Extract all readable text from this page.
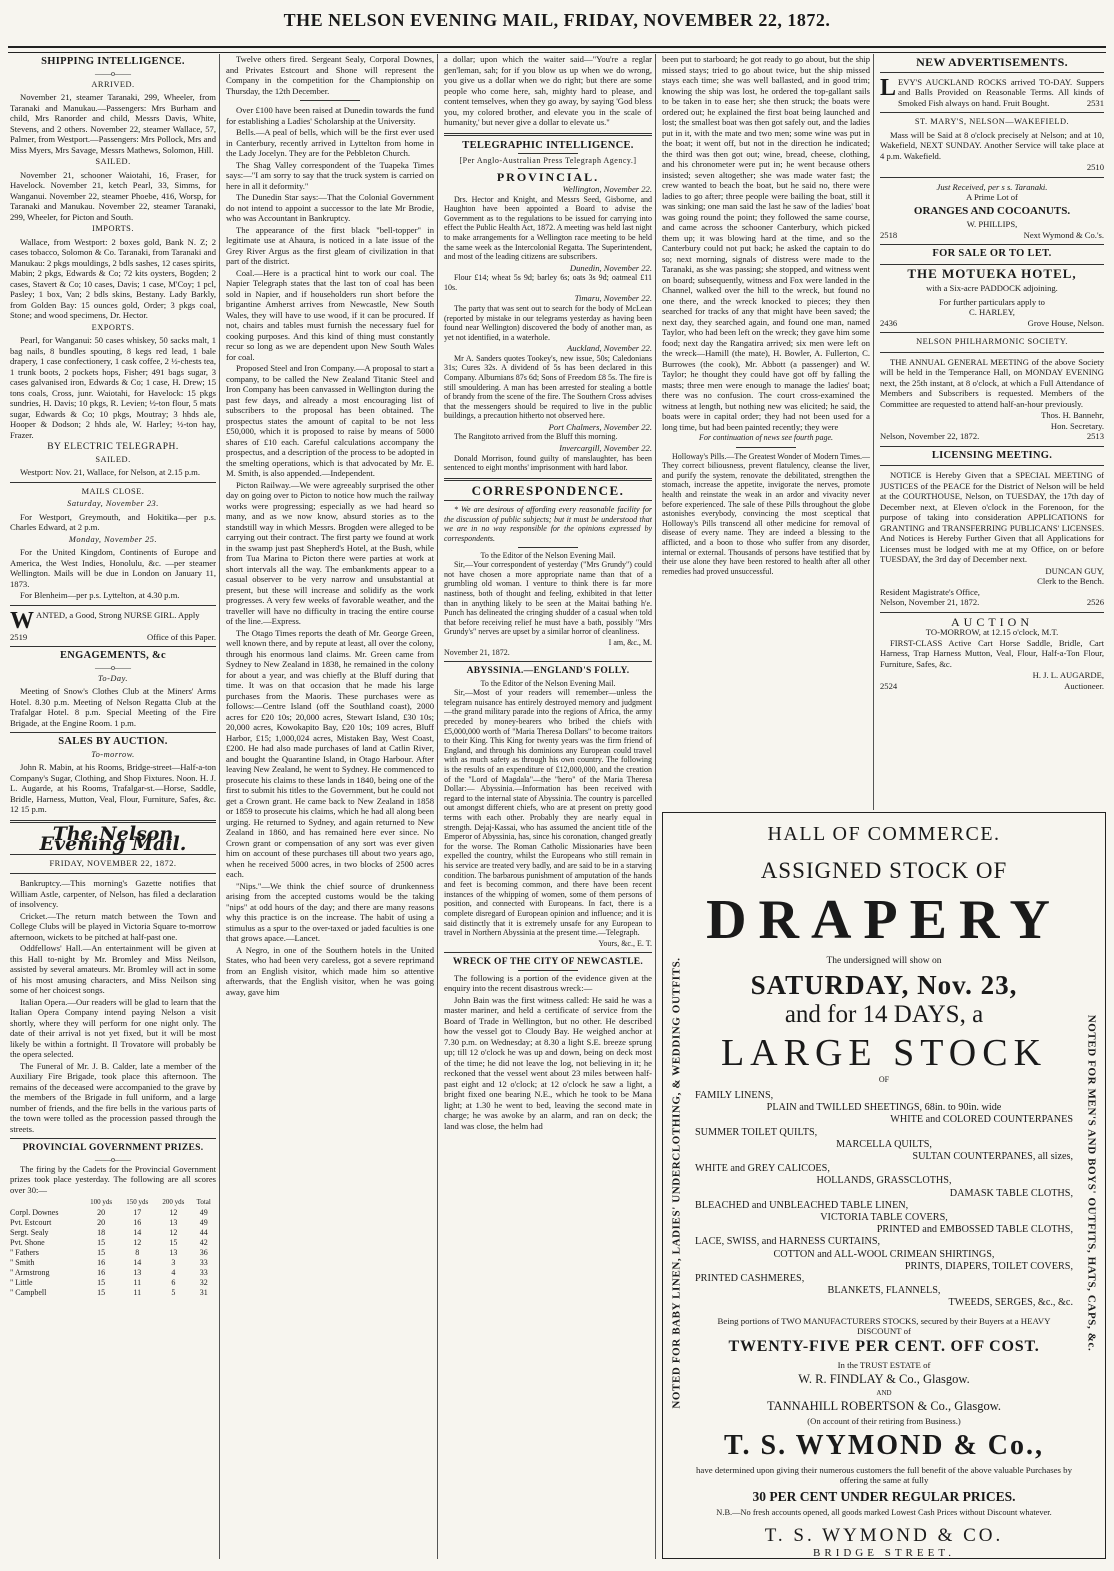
THE NELSON EVENING MAIL, FRIDAY, NOVEMBER 22, 1872.
SHIPPING INTELLIGENCE.
——o——
ARRIVED.

November 21, steamer Taranaki, 299, Wheeler, from Taranaki and Manukau.—Passengers: Mrs Burham and child, Mrs Ranorder and child, Messrs Davis, White, Stevens, and 2 others. November 22, steamer Wallace, 57, Palmer, from Westport.—Passengers: Mrs Pollock, Mrs and Miss Myers, Mrs Savage, Messrs Mathews, Solomon, Hill.

SAILED.

November 21, schooner Waiotahi, 16, Fraser, for Havelock. November 21, ketch Pearl, 33, Simms, for Wanganui. November 22, steamer Phoebe, 416, Worsp, for Taranaki and Manukau. November 22, steamer Taranaki, 299, Wheeler, for Picton and South.

IMPORTS.

Wallace, from Westport: 2 boxes gold, Bank N. Z; 2 cases tobacco, Solomon & Co. Taranaki, from Taranaki and Manukau: 2 pkgs mouldings, 2 bdls sashes, 12 cases spirits, Mabin; 2 pkgs, Edwards & Co; 72 kits oysters, Bogden; 2 cases, Stavert & Co; 10 cases, Davis; 1 case, M'Coy; 1 pcl, Pasley; 1 box, Van; 2 bdls skins, Bestany. Lady Barkly, from Golden Bay: 15 ounces gold, Order; 3 pkgs coal, Stone; and wood specimens, Dr. Hector.

EXPORTS.

Pearl, for Wanganui: 50 cases whiskey, 50 sacks malt, 1 bag nails, 8 bundles spouting, 8 kegs red lead, 1 bale drapery, 1 case confectionery, 1 cask coffee, 2 ½-chests tea, 1 trunk boots, 2 pockets hops, Fisher; 491 bags sugar, 3 cases galvanised iron, Edwards & Co; 1 case, H. Drew; 15 tons coals, Cross, junr. Waiotahi, for Havelock: 15 pkgs sundries, H. Davis; 10 pkgs, R. Levien; ½-ton flour, 5 mats sugar, Edwards & Co; 10 pkgs, Moutray; 3 hhds ale, Hooper & Dodson; 2 hhds ale, W. Harley; ½-ton hay, Frazer.

BY ELECTRIC TELEGRAPH.
SAILED.

Westport: Nov. 21, Wallace, for Nelson, at 2.15 p.m.

MAILS CLOSE.
Saturday, November 23.

For Westport, Greymouth, and Hokitika—per p.s. Charles Edward, at 2 p.m.

Monday, November 25.

For the United Kingdom, Continents of Europe and America, the West Indies, Honolulu, &c. —per steamer Wellington. Mails will be due in London on January 11, 1873.

For Blenheim—per p.s. Lyttelton, at 4.30 p.m.

W ANTED, a Good, Strong NURSE GIRL. Apply
2519	Office of this Paper.
ENGAGEMENTS, &c
——o——
To-Day.

Meeting of Snow's Clothes Club at the Miners' Arms Hotel. 8.30 p.m. Meeting of Nelson Regatta Club at the Trafalgar Hotel. 8 p.m. Special Meeting of the Fire Brigade, at the Engine Room. 1 p.m.

SALES BY AUCTION.
To-morrow.

John R. Mabin, at his Rooms, Bridge-street—Half-a-ton Company's Sugar, Clothing, and Shop Fixtures. Noon. H. J. L. Augarde, at his Rooms, Trafalgar-st.—Horse, Saddle, Bridle, Harness, Mutton, Veal, Flour, Furniture, Safes, &c. 12 15 p.m.

The Nelson Evening Mail.
FRIDAY, NOVEMBER 22, 1872.

Bankruptcy.—This morning's Gazette notifies that William Astle, carpenter, of Nelson, has filed a declaration of insolvency.

Cricket.—The return match between the Town and College Clubs will be played in Victoria Square to-morrow afternoon, wickets to be pitched at half-past one.

Oddfellows' Hall.—An entertainment will be given at this Hall to-night by Mr. Bromley and Miss Neilson, assisted by several amateurs. Mr. Bromley will act in some of his most amusing characters, and Miss Neilson sing some of her choicest songs.

Italian Opera.—Our readers will be glad to learn that the Italian Opera Company intend paying Nelson a visit shortly, where they will perform for one night only. The date of their arrival is not yet fixed, but it will be most likely be within a fortnight. Il Trovatore will probably be the opera selected.

The Funeral of Mr. J. B. Calder, late a member of the Auxiliary Fire Brigade, took place this afternoon. The remains of the deceased were accompanied to the grave by the members of the Brigade in full uniform, and a large number of friends, and the fire bells in the various parts of the town were tolled as the procession passed through the streets.

PROVINCIAL GOVERNMENT PRIZES.
——o——

The firing by the Cadets for the Provincial Government prizes took place yesterday. The following are all scores over 30:—

	100 yds	150 yds	200 yds	Total
Corpl. Downes	20	17	12	49
Pvt. Estcourt	20	16	13	49
Sergt. Sealy	18	14	12	44
Pvt. Shone	15	12	15	42
" Fathers	15	8	13	36
" Smith	16	14	3	33
" Armstrong	16	13	4	33
" Little	15	11	6	32
" Campbell	15	11	5	31

Twelve others fired. Sergeant Sealy, Corporal Downes, and Privates Estcourt and Shone will represent the Company in the competition for the Championship on Thursday, the 12th December.

Over £100 have been raised at Dunedin towards the fund for establishing a Ladies' Scholarship at the University.

Bells.—A peal of bells, which will be the first ever used in Canterbury, recently arrived in Lyttelton from home in the Lady Jocelyn. They are for the Pebbleton Church.

The Shag Valley correspondent of the Tuapeka Times says:—"I am sorry to say that the truck system is carried on here in all it deformity."

The Dunedin Star says:—That the Colonial Government do not intend to appoint a successor to the late Mr Brodie, who was Accountant in Bankruptcy.

The appearance of the first black "bell-topper" in legitimate use at Ahaura, is noticed in a late issue of the Grey River Argus as the first gleam of civilization in that part of the district.

Coal.—Here is a practical hint to work our coal. The Napier Telegraph states that the last ton of coal has been sold in Napier, and if householders run short before the brigantine Amherst arrives from Newcastle, New South Wales, they will have to use wood, if it can be procured. If not, chairs and tables must furnish the necessary fuel for cooking purposes. And this kind of thing must constantly recur so long as we are dependent upon New South Wales for coal.

Proposed Steel and Iron Company.—A proposal to start a company, to be called the New Zealand Titanic Steel and Iron Company has been canvassed in Wellington during the past few days, and already a most encouraging list of subscribers to the proposal has been obtained. The prospectus states the amount of capital to be not less £50,000, which it is proposed to raise by means of 5000 shares of £10 each. Careful calculations accompany the prospectus, and a description of the process to be adopted in the smelting operations, which is that advocated by Mr. E. M. Smith, is also appended.—Independent.

Picton Railway.—We were agreeably surprised the other day on going over to Picton to notice how much the railway works were progressing; especially as we had heard so many, and as we now know, absurd stories as to the standstill way in which Messrs. Brogden were alleged to be carrying out their contract. The first party we found at work in the swamp just past Shepherd's Hotel, at the Bush, while from Tua Marina to Picton there were parties at work at short intervals all the way. The embankments appear to a casual observer to be very narrow and unsubstantial at present, but these will increase and solidify as the work progresses. A very few weeks of favorable weather, and the traveller will have no difficulty in tracing the entire course of the line.—Express.

The Otago Times reports the death of Mr. George Green, well known there, and by repute at least, all over the colony, through his enormous land claims. Mr. Green came from Sydney to New Zealand in 1838, he remained in the colony for about a year, and was chiefly at the Bluff during that time. It was on that occasion that he made his large purchases from the Maoris. These purchases were as follows:—Centre Island (off the Southland coast), 2000 acres for £20 10s; 20,000 acres, Stewart Island, £30 10s; 20,000 acres, Kowokapito Bay, £20 10s; 109 acres, Bluff Harbor, £15; 1,000,024 acres, Mistaken Bay, West Coast, £200. He had also made purchases of land at Catlin River, and bought the Quarantine Island, in Otago Harbour. After leaving New Zealand, he went to Sydney. He commenced to prosecute his claims to these lands in 1840, being one of the first to submit his titles to the Government, but he could not get a Crown grant. He came back to New Zealand in 1858 or 1859 to prosecute his claims, which he had all along been urging. He returned to Sydney, and again returned to New Zealand in 1860, and has remained here ever since. No Crown grant or compensation of any sort was ever given him on account of these purchases till about two years ago, when he received 5000 acres, in two blocks of 2500 acres each.

"Nips."—We think the chief source of drunkenness arising from the accepted customs would be the taking "nips" at odd hours of the day; and there are many reasons why this practice is on the increase. The habit of using a stimulus as a spur to the over-taxed or jaded faculties is one that grows apace.—Lancet.

A Negro, in one of the Southern hotels in the United States, who had been very careless, got a severe reprimand from an English visitor, which made him so attentive afterwards, that the English visitor, when he was going away, gave him

a dollar; upon which the waiter said—"You're a reglar gen'leman, sah; for if you blow us up when we do wrong, you give us a dollar when we do right; but there are some people who come here, sah, mighty hard to please, and content temselves, when they go away, by saying 'God bless you, my colored brother, and elevate you in the scale of humanity,' but never give a dollar to elevate us."

TELEGRAPHIC INTELLIGENCE.
[Per Anglo-Australian Press Telegraph Agency.]
PROVINCIAL.
Wellington, November 22.

Drs. Hector and Knight, and Messrs Seed, Gisborne, and Haughton have been appointed a Board to advise the Government as to the regulations to be issued for carrying into effect the Public Health Act, 1872. A meeting was held last night to make arrangements for a Wellington race meeting to be held the same week as the Intercolonial Regatta. The Superintendent, and most of the leading citizens are subscribers.

Dunedin, November 22.

Flour £14; wheat 5s 9d; barley 6s; oats 3s 9d; oatmeal £11 10s.

Timaru, November 22.

The party that was sent out to search for the body of McLean (reported by mistake in our telegrams yesterday as having been found near Wellington) discovered the body of another man, as yet not identified, in a waterhole.

Auckland, November 22.

Mr A. Sanders quotes Tookey's, new issue, 50s; Caledonians 31s; Cures 32s. A dividend of 5s has been declared in this Company. Alburnians 87s 6d; Sons of Freedom £8 5s. The fire is still smouldering. A man has been arrested for stealing a bottle of brandy from the scene of the fire. The Southern Cross advises that the messengers should be required to live in the public buildings, a precaution hitherto not observed here.

Port Chalmers, November 22.

The Rangitoto arrived from the Bluff this morning.

Invercargill, November 22.

Donald Morrison, found guilty of manslaughter, has been sentenced to eight months' imprisonment with hard labor.

CORRESPONDENCE.

* We are desirous of affording every reasonable facility for the discussion of public subjects; but it must be understood that we are in no way responsible for the opinions expressed by correspondents.

To the Editor of the Nelson Evening Mail.

Sir,—Your correspondent of yesterday ("Mrs Grundy") could not have chosen a more appropriate name than that of a grumbling old woman. I venture to think there is far more nastiness, both of thought and feeling, exhibited in that letter than in anything likely to be seen at the Maitai bathing h'e. Punch has delineated the cringing shudder of a casual when told that before receiving relief he must have a bath, possibly "Mrs Grundy's" nerves are upset by a similar horror of cleanliness.

I am, &c., M.
November 21, 1872.
ABYSSINIA.—ENGLAND'S FOLLY.
To the Editor of the Nelson Evening Mail.

Sir,—Most of your readers will remember—unless the telegram nuisance has entirely destroyed memory and judgment—the grand military parade into the regions of Africa, the army preceded by money-bearers who bribed the chiefs with £5,000,000 worth of "Maria Theresa Dollars" to become traitors to their King. This King for twenty years was the firm friend of England, and through his dominions any European could travel with as much safety as through his own country. The following is the results of an expenditure of £12,000,000, and the creation of the "Lord of Magdala"—the "hero" of the Maria Theresa Dollar:— Abyssinia.—Information has been received with regard to the internal state of Abyssinia. The country is parcelled out amongst different chiefs, who are at present on pretty good terms with each other. Probably they are nearly equal in strength. Dejaj-Kassai, who has assumed the ancient title of the Emperor of Abyssinia, has, since his coronation, changed greatly for the worse. The Roman Catholic Missionaries have been expelled the country, whilst the Europeans who still remain in his service are treated very badly, and are said to be in a starving condition. The barbarous punishment of amputation of the hands and feet is becoming common, and there have been recent instances of the whipping of women, some of them persons of position, and connected with Europeans. In fact, there is a complete disregard of European opinion and influence; and it is said distinctly that it is extremely unsafe for any European to travel in Northern Abyssinia at the present time.—Telegraph.

Yours, &c., E. T.
WRECK OF THE CITY OF NEWCASTLE.

The following is a portion of the evidence given at the enquiry into the recent disastrous wreck:—

John Bain was the first witness called: He said he was a master mariner, and held a certificate of service from the Board of Trade in Wellington, but no other. He described how the vessel got to Cloudy Bay. He weighed anchor at 7.30 p.m. on Wednesday; at 8.30 a light S.E. breeze sprung up; till 12 o'clock he was up and down, being on deck most of the time; he did not leave the log, not believing in it; he reckoned that the vessel went about 23 miles between half-past eight and 12 o'clock; at 12 o'clock he saw a light, a bright fixed one bearing N.E., which he took to be Mana light; at 1.30 he went to bed, leaving the second mate in charge; he was awoke by an alarm, and ran on deck; the land was close, the helm had

been put to starboard; he got ready to go about, but the ship missed stays; tried to go about twice, but the ship missed stays each time; she was well ballasted, and in good trim; knowing the ship was lost, he ordered the top-gallant sails to be taken in to ease her; she then struck; the boats were ordered out; he explained the first boat being launched and lost; the smallest boat was then got safely out, and the ladies put in it, with the mate and two men; some wine was put in the boat; it went off, but not in the direction he indicated; the third was then got out; wine, bread, cheese, clothing, and his chronometer were put in; he went because others insisted; seven altogether; she was made water fast; the crew wanted to beach the boat, but he said no, there were ladies to go after; three people were bailing the boat, still it was sinking; one man said the last he saw of the ladies' boat was going round the point; they followed the same course, and came across the schooner Canterbury, which picked them up; it was blowing hard at the time, and so the Canterbury could not put back; he asked the captain to do so; next morning, signals of distress were made to the Taranaki, as she was passing; she stopped, and witness went on board; subsequently, witness and Fox were landed in the Channel, walked over the hill to the wreck, but found no one there, and the wreck knocked to pieces; they then searched for tracks of any that might have been saved; the next day, they searched again, and found one man, named Taylor, who had been left on the wreck; they gave him some food; next day the Rangatira arrived; six men were left on the wreck—Hamill (the mate), H. Bowler, A. Fullerton, C. Burrowes (the cook), Mr. Abbott (a passenger) and W. Taylor; he thought they could have got off by falling the masts; three men were enough to manage the ladies' boat; there was no confusion. The court cross-examined the witness at length, but nothing new was elicited; he said, the boats were in capital order; they had not been used for a long time, but had been painted recently; they were

For continuation of news see fourth page.

Holloway's Pills.—The Greatest Wonder of Modern Times.—They correct biliousness, prevent flatulency, cleanse the liver, and purify the system, renovate the debilitated, strengthen the stomach, increase the appetite, invigorate the nerves, promote health and reinstate the weak in an ardor and vivacity never before experienced. The sale of these Pills throughout the globe astonishes everybody, convincing the most sceptical that Holloway's Pills transcend all other medicine for removal of disease of every name. They are indeed a blessing to the afflicted, and a boon to those who suffer from any disorder, internal or external. Thousands of persons have testified that by their use alone they have been restored to health after all other remedies had proved unsuccessful.

NEW ADVERTISEMENTS.
L EVY'S AUCKLAND ROCKS arrived TO-DAY. Suppers and Balls Provided on Reasonable Terms. All kinds of Smoked Fish always on hand. Fruit Bought.	2531
ST. MARY'S, NELSON—WAKEFIELD.

Mass will be Said at 8 o'clock precisely at Nelson; and at 10, Wakefield, NEXT SUNDAY. Another Service will take place at 4 p.m. Wakefield.

2510
Just Received, per s s. Taranaki.
A Prime Lot of
ORANGES AND COCOANUTS.
W. PHILLIPS,
2518	Next Wymond & Co.'s.
FOR SALE OR TO LET.
THE MOTUEKA HOTEL,
with a Six-acre PADDOCK adjoining.
For further particulars apply to
C. HARLEY,
2436	Grove House, Nelson.
NELSON PHILHARMONIC SOCIETY.

THE ANNUAL GENERAL MEETING of the above Society will be held in the Temperance Hall, on MONDAY EVENING next, the 25th instant, at 8 o'clock, at which a Full Attendance of Members and Subscribers is requested. Members of the Committee are requested to attend half-an-hour previously.

Thos. H. Bannehr,
Hon. Secretary.
Nelson, November 22, 1872.	2513
LICENSING MEETING.

NOTICE is Hereby Given that a SPECIAL MEETING of JUSTICES of the PEACE for the District of Nelson will be held at the COURTHOUSE, Nelson, on TUESDAY, the 17th day of December next, at Eleven o'clock in the Forenoon, for the purpose of taking into consideration APPLICATIONS for GRANTING and TRANSFERRING PUBLICANS' LICENSES. And Notices is Hereby Further Given that all Applications for Licenses must be lodged with me at my Office, on or before TUESDAY, the 3rd day of December next.

DUNCAN GUY,
Clerk to the Bench.
Resident Magistrate's Office,
Nelson, November 21, 1872.	2526
AUCTION
TO-MORROW, at 12.15 o'clock, M.T.

FIRST-CLASS Active Cart Horse Saddle, Bridle, Cart Harness, Trap Harness Mutton, Veal, Flour, Half-a-Ton Flour, Furniture, Safes, &c.

H. J. L. AUGARDE,
2524	Auctioneer.
NOTED FOR BABY LINEN, LADIES' UNDERCLOTHING, & WEDDING OUTFITS.	NOTED FOR MEN'S AND BOYS' OUTFITS, HATS, CAPS, &c.
HALL OF COMMERCE.
ASSIGNED STOCK OF
DRAPERY
The undersigned will show on
SATURDAY, Nov. 23,
and for 14 DAYS, a
LARGE STOCK
OF
FAMILY LINENS,
PLAIN and TWILLED SHEETINGS, 68in. to 90in. wide
WHITE and COLORED COUNTERPANES
SUMMER TOILET QUILTS,
MARCELLA QUILTS,
SULTAN COUNTERPANES, all sizes,
WHITE and GREY CALICOES,
HOLLANDS, GRASSCLOTHS,
DAMASK TABLE CLOTHS,
BLEACHED and UNBLEACHED TABLE LINEN,
VICTORIA TABLE COVERS,
PRINTED and EMBOSSED TABLE CLOTHS,
LACE, SWISS, and HARNESS CURTAINS,
COTTON and ALL-WOOL CRIMEAN SHIRTINGS,
PRINTS, DIAPERS, TOILET COVERS,
PRINTED CASHMERES,
BLANKETS, FLANNELS,
TWEEDS, SERGES, &c., &c.
Being portions of TWO MANUFACTURERS STOCKS, secured by their Buyers at a HEAVY DISCOUNT of
TWENTY-FIVE PER CENT. OFF COST.
In the TRUST ESTATE of
W. R. FINDLAY & Co., Glasgow.
AND
TANNAHILL ROBERTSON & Co., Glasgow.
(On account of their retiring from Business.)
T. S. WYMOND & Co.,
have determined upon giving their numerous customers the full benefit of the above valuable Purchases by offering the same at fully
30 PER CENT UNDER REGULAR PRICES.
N.B.—No fresh accounts opened, all goods marked Lowest Cash Prices without Discount whatever.
T. S. WYMOND & CO.
BRIDGE STREET.
